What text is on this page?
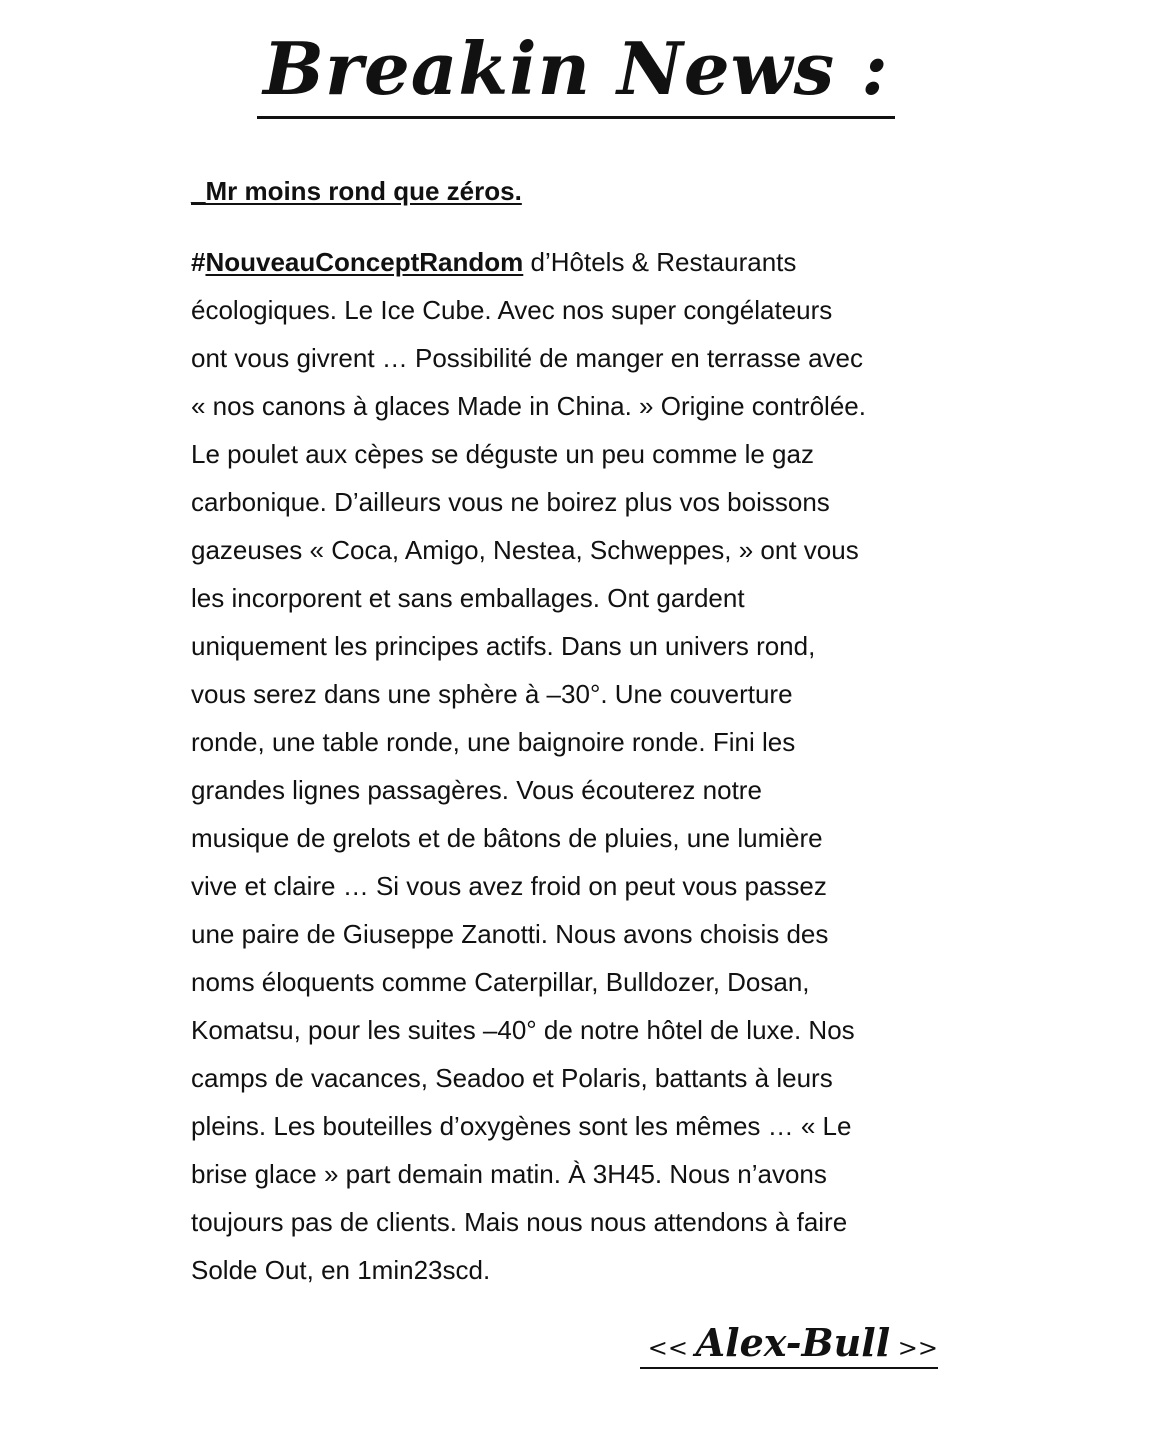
Breakin News :
_Mr moins rond que zéros.
#NouveauConceptRandom d’Hôtels & Restaurants
écologiques. Le Ice Cube. Avec nos super congélateurs
ont vous givrent … Possibilité de manger en terrasse avec
« nos canons à glaces Made in China. » Origine contrôlée.
Le poulet aux cèpes se déguste un peu comme le gaz
carbonique. D’ailleurs vous ne boirez plus vos boissons
gazeuses « Coca, Amigo, Nestea, Schweppes, » ont vous
les incorporent et sans emballages. Ont gardent
uniquement les principes actifs. Dans un univers rond,
vous serez dans une sphère à –30°. Une couverture
ronde, une table ronde, une baignoire ronde. Fini les
grandes lignes passagères. Vous écouterez notre
musique de grelots et de bâtons de pluies, une lumière
vive et claire … Si vous avez froid on peut vous passez
une paire de Giuseppe Zanotti. Nous avons choisis des
noms éloquents comme Caterpillar, Bulldozer, Dosan,
Komatsu, pour les suites –40° de notre hôtel de luxe. Nos
camps de vacances, Seadoo et Polaris, battants à leurs
pleins. Les bouteilles d’oxygènes sont les mêmes … « Le
brise glace » part demain matin. À 3H45. Nous n’avons
toujours pas de clients. Mais nous nous attendons à faire
Solde Out, en 1min23scd.
<< Alex-Bull >>
